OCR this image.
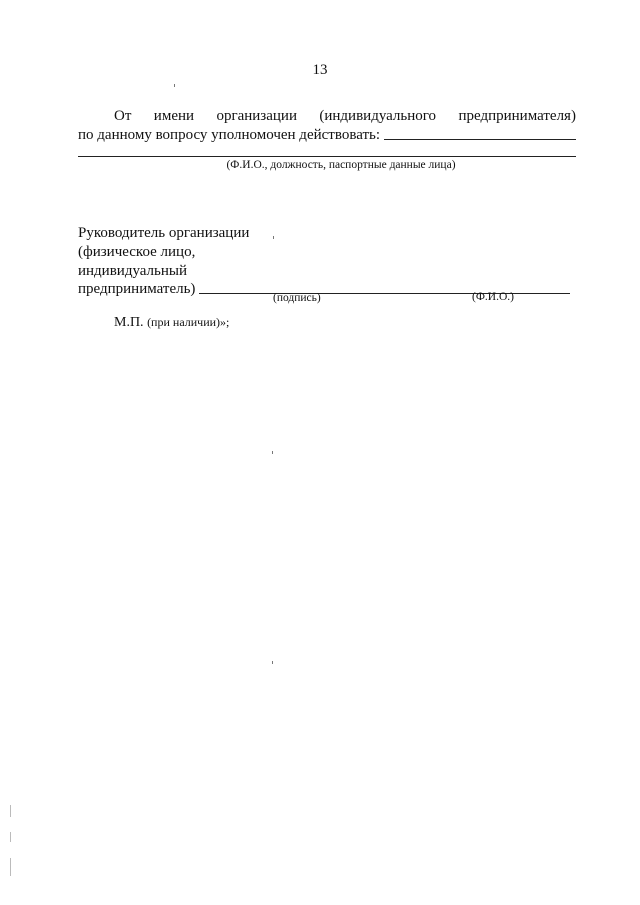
13
От имени организации (индивидуального предпринимателя)
по данному вопросу уполномочен действовать:
(Ф.И.О., должность, паспортные данные лица)
Руководитель организации
(физическое лицо,
индивидуальный
предприниматель)
(подпись)	(Ф.И.О.)
М.П. (при наличии)»;
